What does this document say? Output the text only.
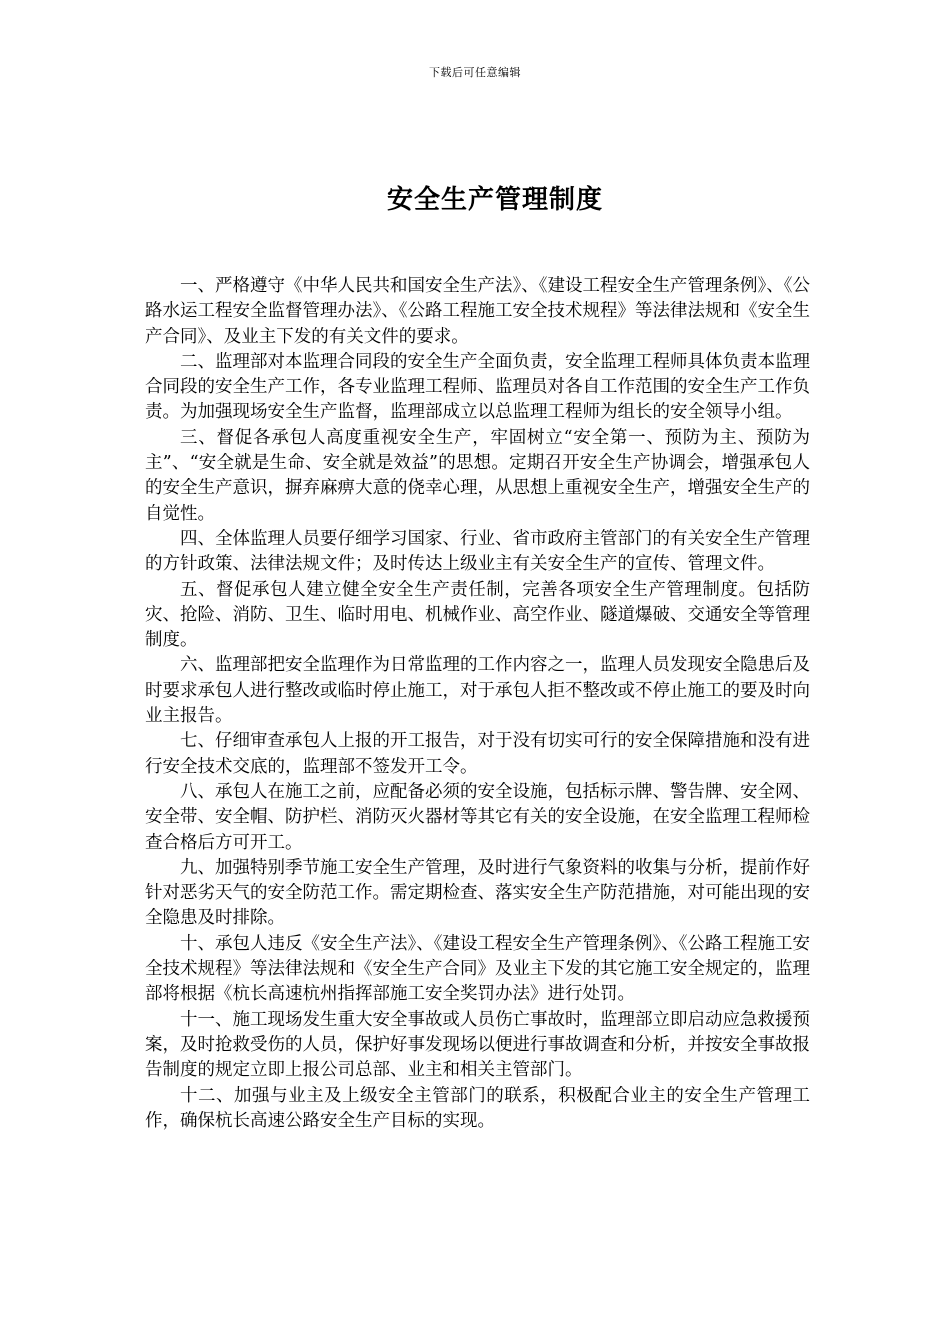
下载后可任意编辑
安全生产管理制度

一、严格遵守《中华人民共和国安全生产法》、《建设工程安全生产管理条例》、《公路水运工程安全监督管理办法》、《公路工程施工安全技术规程》等法律法规和《安全生产合同》、及业主下发的有关文件的要求。

二、监理部对本监理合同段的安全生产全面负责，安全监理工程师具体负责本监理合同段的安全生产工作，各专业监理工程师、监理员对各自工作范围的安全生产工作负责。为加强现场安全生产监督，监理部成立以总监理工程师为组长的安全领导小组。

三、督促各承包人高度重视安全生产，牢固树立“安全第一、预防为主、预防为主”、“安全就是生命、安全就是效益”的思想。定期召开安全生产协调会，增强承包人的安全生产意识，摒弃麻痹大意的侥幸心理，从思想上重视安全生产，增强安全生产的自觉性。

四、全体监理人员要仔细学习国家、行业、省市政府主管部门的有关安全生产管理的方针政策、法律法规文件；及时传达上级业主有关安全生产的宣传、管理文件。

五、督促承包人建立健全安全生产责任制，完善各项安全生产管理制度。包括防灾、抢险、消防、卫生、临时用电、机械作业、高空作业、隧道爆破、交通安全等管理制度。

六、监理部把安全监理作为日常监理的工作内容之一，监理人员发现安全隐患后及时要求承包人进行整改或临时停止施工，对于承包人拒不整改或不停止施工的要及时向业主报告。

七、仔细审查承包人上报的开工报告，对于没有切实可行的安全保障措施和没有进行安全技术交底的，监理部不签发开工令。

八、承包人在施工之前，应配备必须的安全设施，包括标示牌、警告牌、安全网、安全带、安全帽、防护栏、消防灭火器材等其它有关的安全设施，在安全监理工程师检查合格后方可开工。

九、加强特别季节施工安全生产管理，及时进行气象资料的收集与分析，提前作好针对恶劣天气的安全防范工作。需定期检查、落实安全生产防范措施，对可能出现的安全隐患及时排除。

十、承包人违反《安全生产法》、《建设工程安全生产管理条例》、《公路工程施工安全技术规程》等法律法规和《安全生产合同》及业主下发的其它施工安全规定的，监理部将根据《杭长高速杭州指挥部施工安全奖罚办法》进行处罚。

十一、施工现场发生重大安全事故或人员伤亡事故时，监理部立即启动应急救援预案，及时抢救受伤的人员，保护好事发现场以便进行事故调查和分析，并按安全事故报告制度的规定立即上报公司总部、业主和相关主管部门。

十二、加强与业主及上级安全主管部门的联系，积极配合业主的安全生产管理工作，确保杭长高速公路安全生产目标的实现。
